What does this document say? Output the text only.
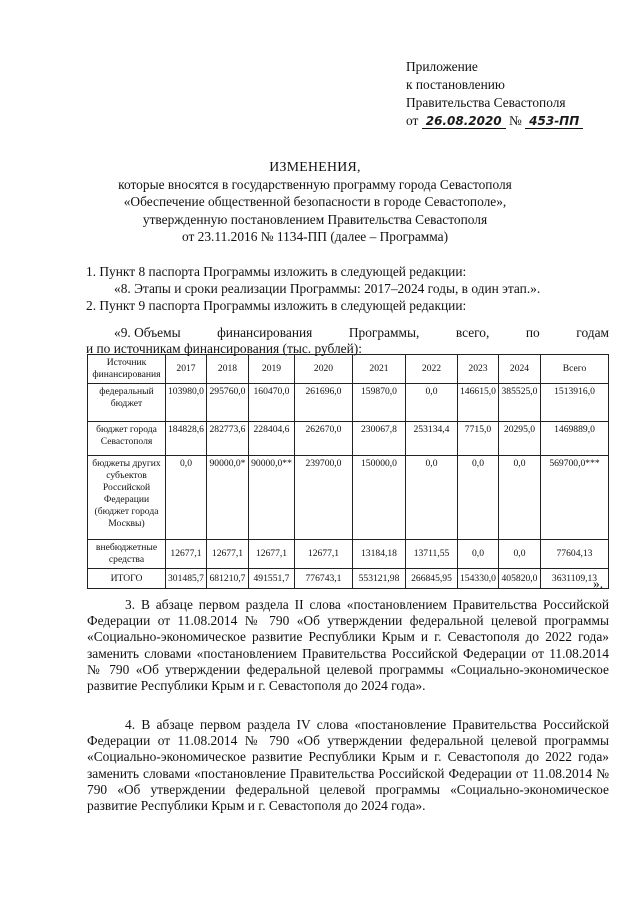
Приложение
к постановлению
Правительства Севастополя
от 26.08.2020 № 453-ПП
ИЗМЕНЕНИЯ,
которые вносятся в государственную программу города Севастополя
«Обеспечение общественной безопасности в городе Севастополе»,
утвержденную постановлением Правительства Севастополя
от 23.11.2016 № 1134-ПП (далее – Программа)
1. Пункт 8 паспорта Программы изложить в следующей редакции:
«8. Этапы и сроки реализации Программы: 2017–2024 годы, в один этап.».
2. Пункт 9 паспорта Программы изложить в следующей редакции:
«9. Объемы	финансирования	Программы,	всего,	по	годам
и по источникам финансирования (тыс. рублей):
Источник финансирования	2017	2018	2019	2020	2021	2022	2023	2024	Всего
федеральный бюджет	103980,0	295760,0	160470,0	261696,0	159870,0	0,0	146615,0	385525,0	1513916,0
бюджет города Севастополя	184828,6	282773,6	228404,6	262670,0	230067,8	253134,4	7715,0	20295,0	1469889,0
бюджеты других субъектов Российской Федерации (бюджет города Москвы)	0,0	90000,0*	90000,0**	239700,0	150000,0	0,0	0,0	0,0	569700,0***
внебюджетные средства	12677,1	12677,1	12677,1	12677,1	13184,18	13711,55	0,0	0,0	77604,13
ИТОГО	301485,7	681210,7	491551,7	776743,1	553121,98	266845,95	154330,0	405820,0	3631109,13
».

3. В абзаце первом раздела II слова «постановлением Правительства Российской Федерации от 11.08.2014 № 790 «Об утверждении федеральной целевой программы «Социально-экономическое развитие Республики Крым и г. Севастополя до 2022 года» заменить словами «постановлением Правительства Российской Федерации от 11.08.2014 № 790 «Об утверждении федеральной целевой программы «Социально-экономическое развитие Республики Крым и г. Севастополя до 2024 года».

4. В абзаце первом раздела IV слова «постановление Правительства Российской Федерации от 11.08.2014 № 790 «Об утверждении федеральной целевой программы «Социально-экономическое развитие Республики Крым и г. Севастополя до 2022 года» заменить словами «постановление Правительства Российской Федерации от 11.08.2014 № 790 «Об утверждении федеральной целевой программы «Социально-экономическое развитие Республики Крым и г. Севастополя до 2024 года».
